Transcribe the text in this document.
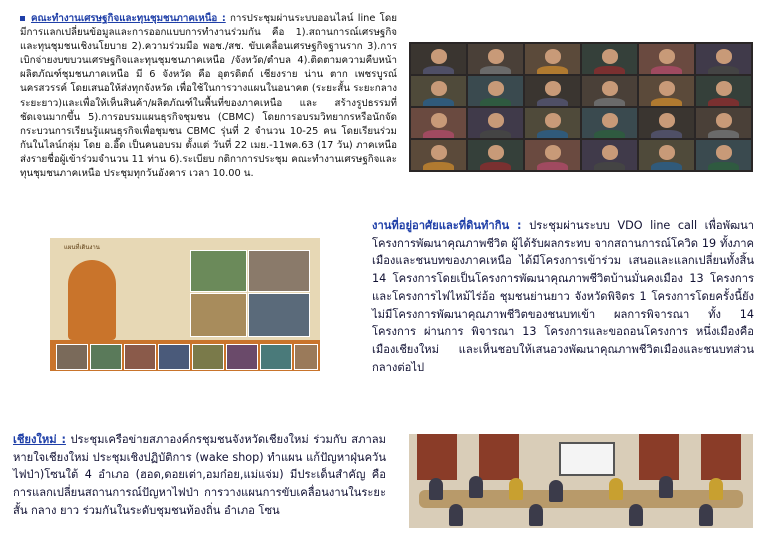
คณะทำงานเศรษฐกิจและทุนชุมชนภาคเหนือ : การประชุมผ่านระบบออนไลน์ line โดยมีการแลกเปลี่ยนข้อมูลและการออกแบบการทำงานร่วมกัน คือ 1).สถานการณ์เศรษฐกิจและทุนชุมชนเชิงนโยบาย 2).ความร่วมมือ พอช./สช. ขับเคลื่อนเศรษฐกิจฐานราก 3).การเบิกจ่ายงบขบวนเศรษฐกิจและทุนชุมชนภาคเหนือ /จังหวัด/ตำบล 4).ติดตามความคืบหน้าผลิตภัณฑ์ชุมชนภาคเหนือ มี 6 จังหวัด คือ อุตรดิตถ์ เชียงราย น่าน ตาก เพชรบูรณ์ นครสวรรค์ โดยเสนอให้ส่งทุกจังหวัด เพื่อใช้ในการวางแผนในอนาคต (ระยะสั้น ระยะกลาง ระยะยาว)และเพื่อให้เห็นสินค้า/ผลิตภัณฑ์ในพื้นที่ของภาคเหนือ และ สร้างรูปธรรมที่ชัดเจนมากขึ้น 5).การอบรมแผนธุรกิจชุมชน (CBMC) โดยการอบรมวิทยากรหรือนักจัดกระบวนการเรียนรู้แผนธุรกิจเพื่อชุมชน CBMC รุ่นที่ 2 จำนวน 10-25 คน โดยเรียนร่วมกันในไลน์กลุ่ม โดย อ.อี๊ด เป็นคนอบรม ตั้งแต่ วันที่ 22 เมย.-11พค.63 (17 วัน) ภาคเหนือส่งรายชื่อผู้เข้าร่วมจำนวน 11 ท่าน 6).ระเบียบ กติกาการประชุม คณะทำงานเศรษฐกิจและทุนชุมชนภาคเหนือ ประชุมทุกวันอังคาร เวลา 10.00 น.
แผนที่เดินงาน
งานที่อยู่อาศัยและที่ดินทำกิน : ประชุมผ่านระบบ VDO line call เพื่อพัฒนาโครงการพัฒนาคุณภาพชีวิต ผู้ได้รับผลกระทบ จากสถานการณ์โควิด 19 ทั้งภาคเมืองและชนบทของภาคเหนือ ได้มีโครงการเข้าร่วม เสนอและแลกเปลี่ยนทั้งสิ้น 14 โครงการโดยเป็นโครงการพัฒนาคุณภาพชีวิตบ้านมั่นคงเมือง 13 โครงการ และโครงการไฟไหม้ไร่อ้อ ชุมชนย่านยาว จังหวัดพิจิตร 1 โครงการโดยครั้งนี้ยังไม่มีโครงการพัฒนาคุณภาพชีวิตของชนบทเข้า ผลการพิจารณา ทั้ง 14 โครงการ ผ่านการ พิจารณา 13 โครงการและขอถอนโครงการ หนึ่งเมืองคือเมืองเชียงใหม่ และเห็นชอบให้เสนอวงพัฒนาคุณภาพชีวิตเมืองและชนบทส่วนกลางต่อไป
เชียงใหม่ : ประชุมเครือข่ายสภาองค์กรชุมชนจังหวัดเชียงใหม่ ร่วมกับ สภาลมหายใจเชียงใหม่ ประชุมเชิงปฏิบัติการ (wake shop) ทำแผน แก้ปัญหาฝุ่นควัน ไฟป่า)โซนใต้ 4 อำเภอ (ฮอด,ดอยเต่า,อมก๋อย,แม่แจ่ม) มีประเด็นสำคัญ คือ การแลกเปลี่ยนสถานการณ์ปัญหาไฟป่า การวางแผนการขับเคลื่อนงานในระยะสั้น กลาง ยาว ร่วมกันในระดับชุมชนท้องถิ่น อำเภอ โซน
